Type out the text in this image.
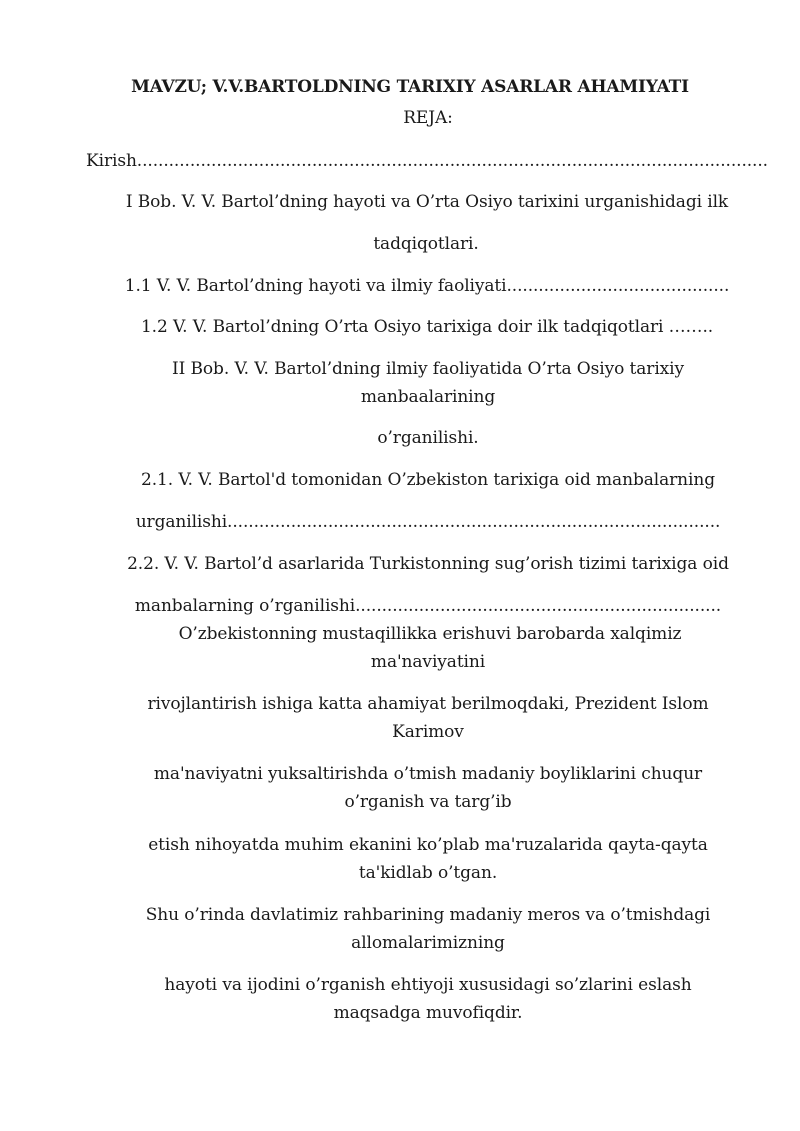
MAVZU; V.V.BARTOLDNING TARIXIY ASARLAR AHAMIYATI
REJA:
Kirish.......................................................................................................................
I Bob. V. V. Bartol’dning hayoti va O’rta Osiyo tarixini urganishidagi ilk
tadqiqotlari.
1.1 V. V. Bartol’dning hayoti va ilmiy faoliyati..........................................
1.2 V. V. Bartol’dning O’rta Osiyo tarixiga doir ilk tadqiqotlari ……..
II Bob. V. V. Bartol’dning ilmiy faoliyatida O’rta Osiyo tarixiy
manbaalarining
o’rganilishi.
2.1. V. V. Bartol'd tomonidan O’zbekiston tarixiga oid manbalarning
urganilishi.............................................................................................
2.2. V. V. Bartol’d asarlarida Turkistonning sug’orish tizimi tarixiga oid
manbalarning o’rganilishi.....................................................................
O’zbekistonning mustaqillikka erishuvi barobarda xalqimiz
ma'naviyatini
rivojlantirish ishiga katta ahamiyat berilmoqdaki, Prezident Islom
Karimov
ma'naviyatni yuksaltirishda o’tmish madaniy boyliklarini chuqur
o’rganish va targ’ib
etish nihoyatda muhim ekanini ko’plab ma'ruzalarida qayta-qayta
ta'kidlab o’tgan.
Shu o’rinda davlatimiz rahbarining madaniy meros va o’tmishdagi
allomalarimizning
hayoti va ijodini o’rganish ehtiyoji xususidagi so’zlarini eslash
maqsadga muvofiqdir.
